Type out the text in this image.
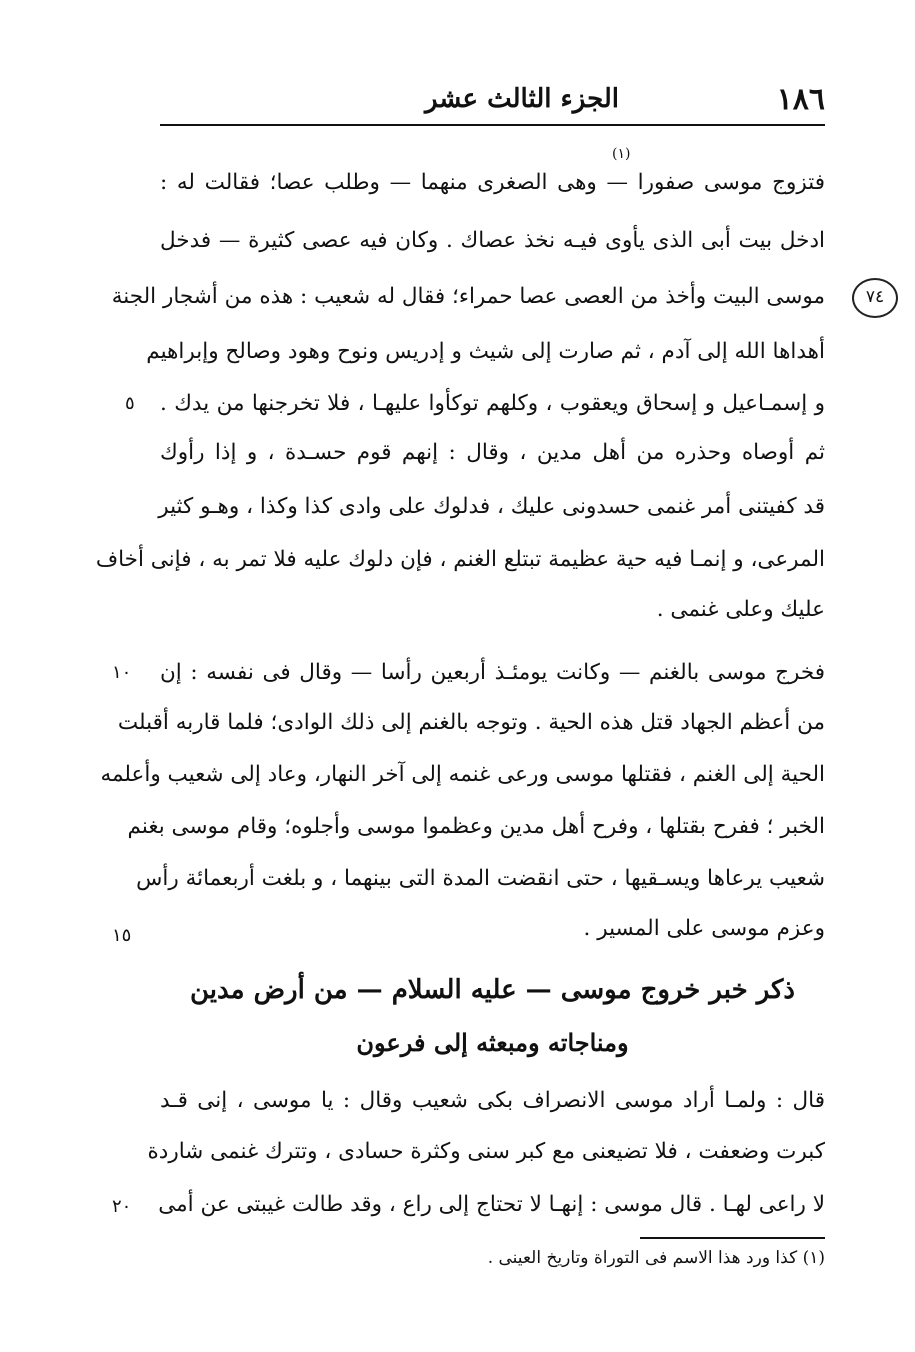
الجزء الثالث عشر	١٨٦
(١)
فتزوج موسى صفورا — وهى الصغرى منهما — وطلب عصا؛ فقالت له :
ادخل بيت أبى الذى يأوى فيـه نخذ عصاك . وكان فيه عصى كثيرة — فدخل
موسى البيت وأخذ من العصى عصا حمراء؛ فقال له شعيب : هذه من أشجار الجنة
أهداها الله إلى آدم ، ثم صارت إلى شيث و إدريس ونوح وهود وصالح وإبراهيم
و إسمـاعيل و إسحاق ويعقوب ، وكلهم توكأوا عليهـا ، فلا تخرجنها من يدك .
ثم أوصاه وحذره من أهل مدين ، وقال : إنهم قوم حسـدة ، و إذا رأوك
قد كفيتنى أمر غنمى حسدونى عليك ، فدلوك على وادى كذا وكذا ، وهـو كثير
المرعى، و إنمـا فيه حية عظيمة تبتلع الغنم ، فإن دلوك عليه فلا تمر به ، فإنى أخاف
عليك وعلى غنمى .
فخرج موسى بالغنم — وكانت يومئـذ أربعين رأسا — وقال فى نفسه : إن
من أعظم الجهاد قتل هذه الحية . وتوجه بالغنم إلى ذلك الوادى؛ فلما قاربه أقبلت
الحية إلى الغنم ، فقتلها موسى ورعى غنمه إلى آخر النهار، وعاد إلى شعيب وأعلمه
الخبر ؛ ففرح بقتلها ، وفرح أهل مدين وعظموا موسى وأجلوه؛ وقام موسى بغنم
شعيب يرعاها ويسـقيها ، حتى انقضت المدة التى بينهما ، و بلغت أربعمائة رأس
وعزم موسى على المسير .
ذكر خبر خروج موسى — عليه السلام — من أرض مدين
ومناجاته ومبعثه إلى فرعون
قال : ولمـا أراد موسى الانصراف بكى شعيب وقال : يا موسى ، إنى قـد
كبرت وضعفت ، فلا تضيعنى مع كبر سنى وكثرة حسادى ، وتترك غنمى شاردة
لا راعى لهـا . قال موسى : إنهـا لا تحتاج إلى راع ، وقد طالت غيبتى عن أمى
٥
١٠
١٥
٢٠
٧٤
(١) كذا ورد هذا الاسم فى التوراة وتاريخ العينى .
